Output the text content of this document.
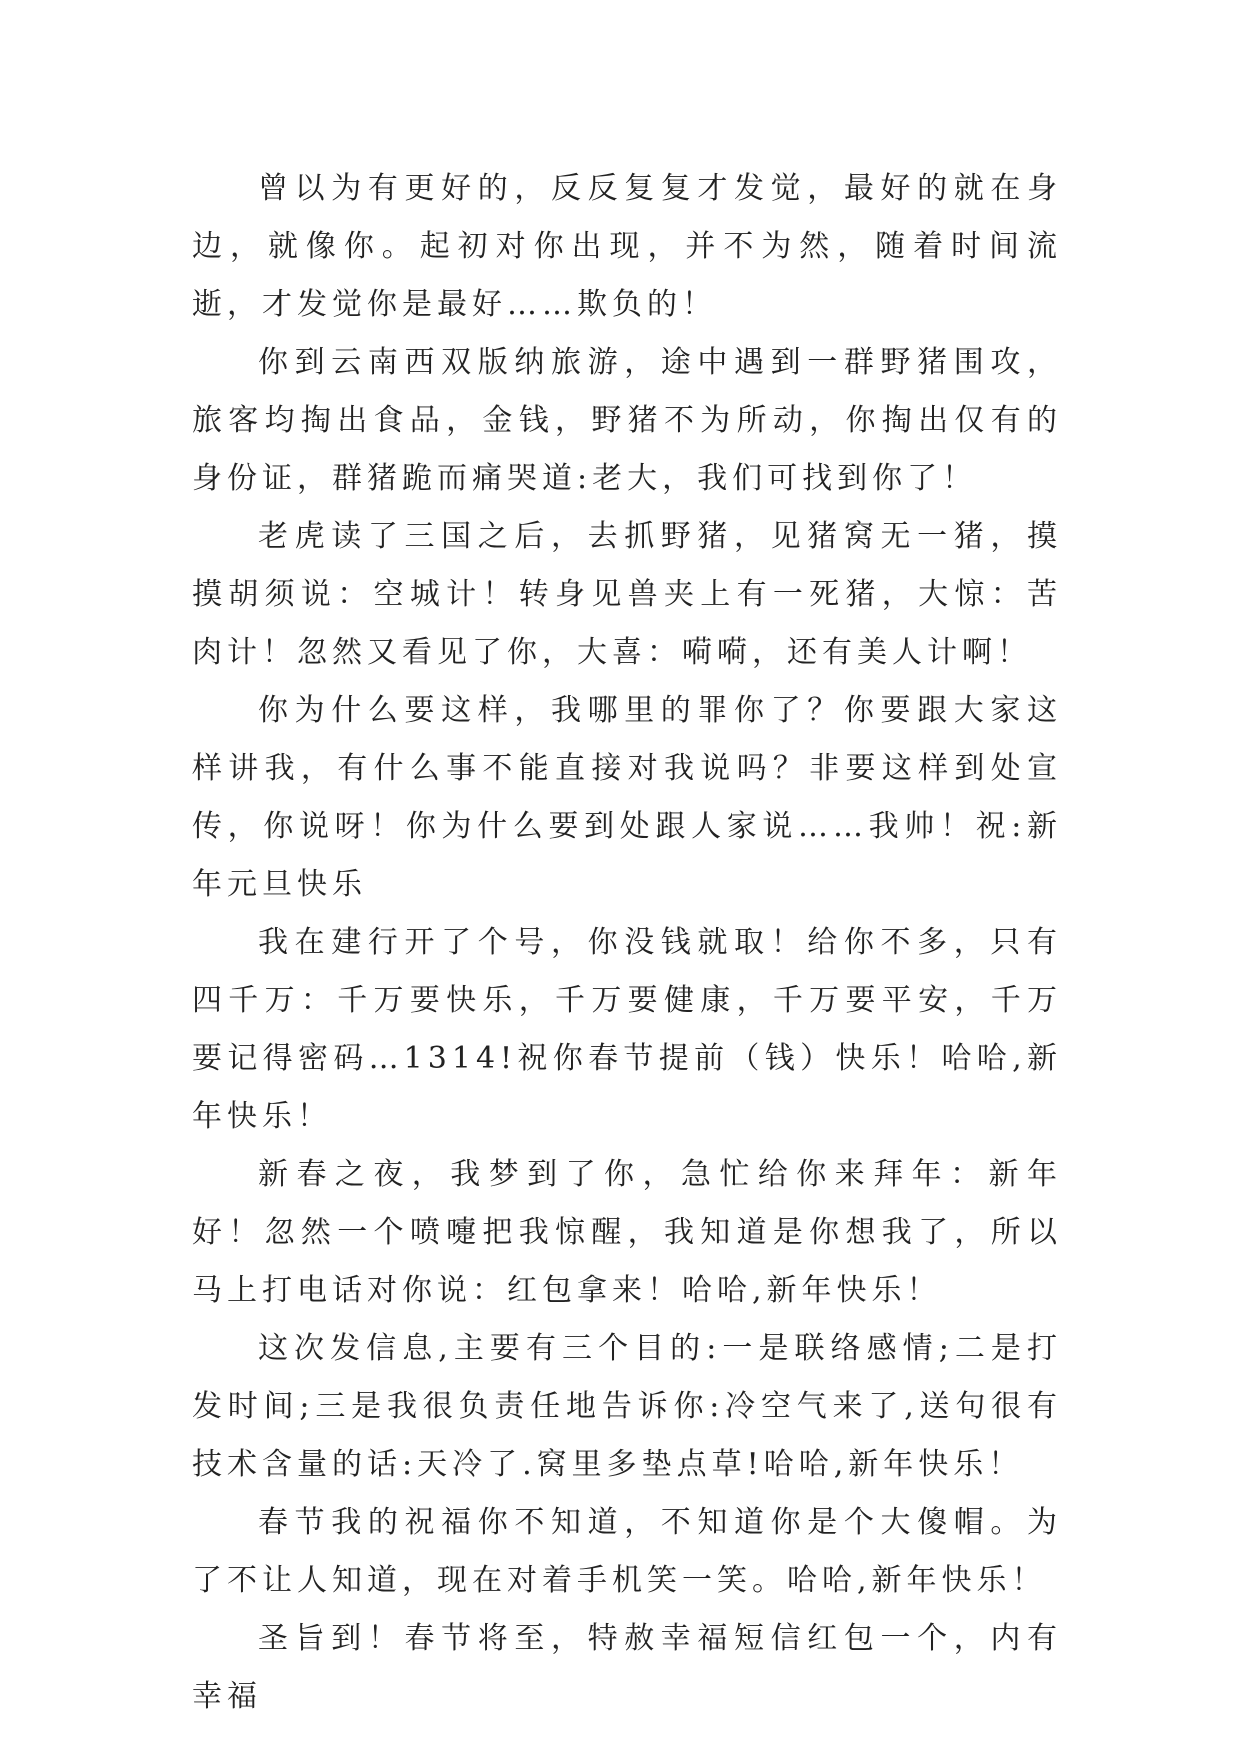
曾以为有更好的，反反复复才发觉，最好的就在身边，就像你。起初对你出现，并不为然，随着时间流逝，才发觉你是最好……欺负的！

你到云南西双版纳旅游，途中遇到一群野猪围攻，旅客均掏出食品，金钱，野猪不为所动，你掏出仅有的身份证，群猪跪而痛哭道:老大，我们可找到你了！

老虎读了三国之后，去抓野猪，见猪窝无一猪，摸摸胡须说：空城计！转身见兽夹上有一死猪，大惊：苦肉计！忽然又看见了你，大喜：嗬嗬，还有美人计啊！

你为什么要这样，我哪里的罪你了？你要跟大家这样讲我，有什么事不能直接对我说吗？非要这样到处宣传，你说呀！你为什么要到处跟人家说……我帅！祝:新年元旦快乐

我在建行开了个号，你没钱就取！给你不多，只有四千万：千万要快乐，千万要健康，千万要平安，千万要记得密码…1314!祝你春节提前（钱）快乐！哈哈,新年快乐！

新春之夜，我梦到了你，急忙给你来拜年：新年好！忽然一个喷嚏把我惊醒，我知道是你想我了，所以马上打电话对你说：红包拿来！哈哈,新年快乐！

这次发信息,主要有三个目的:一是联络感情;二是打发时间;三是我很负责任地告诉你:冷空气来了,送句很有技术含量的话:天冷了.窝里多垫点草!哈哈,新年快乐！

春节我的祝福你不知道，不知道你是个大傻帽。为了不让人知道，现在对着手机笑一笑。哈哈,新年快乐！

圣旨到！春节将至，特赦幸福短信红包一个，内有幸福
